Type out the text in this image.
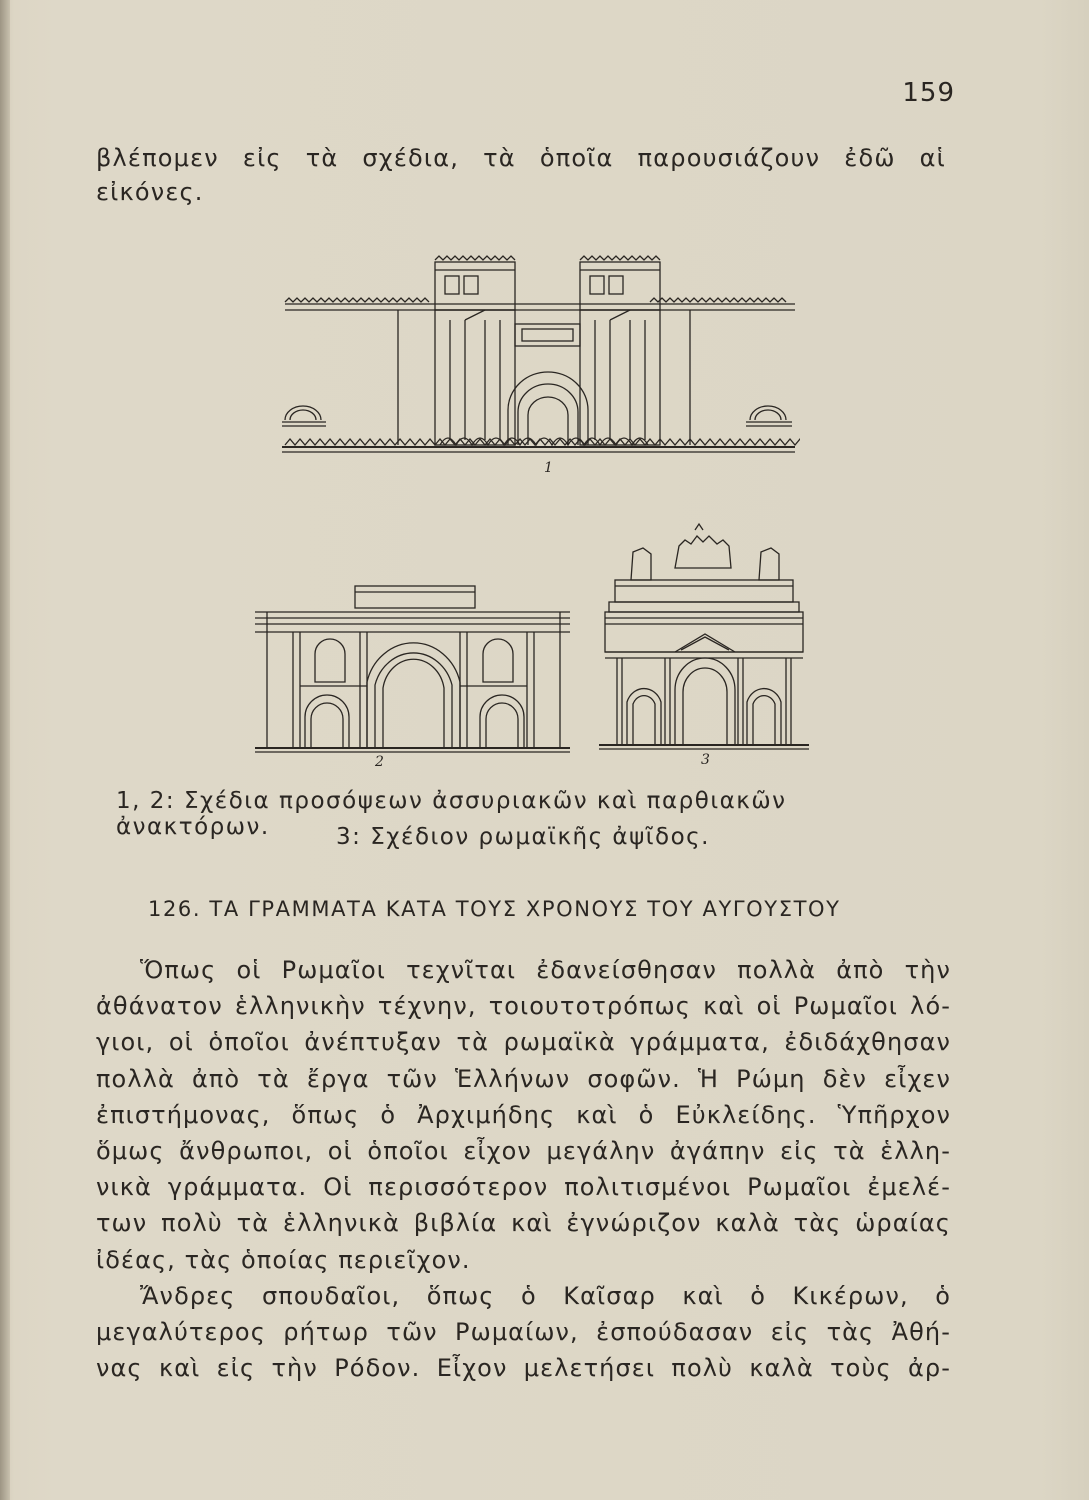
159
βλέπομεν εἰς τὰ σχέδια, τὰ ὁποῖα παρουσιάζουν ἐδῶ αἱ
εἰκόνες.
1
2	3
1, 2: Σχέδια προσόψεων ἀσσυριακῶν καὶ παρθιακῶν ἀνακτόρων.	3: Σχέδιον ρωμαϊκῆς ἀψῖδος.
126. ΤΑ ΓΡΑΜΜΑΤΑ ΚΑΤΑ ΤΟΥΣ ΧΡΟΝΟΥΣ ΤΟΥ ΑΥΓΟΥΣΤΟΥ
Ὅπως οἱ Ρωμαῖοι τεχνῖται ἐδανείσθησαν πολλὰ ἀπὸ τὴν
ἀθάνατον ἑλληνικὴν τέχνην, τοιουτοτρόπως καὶ οἱ Ρωμαῖοι λό-
γιοι, οἱ ὁποῖοι ἀνέπτυξαν τὰ ρωμαϊκὰ γράμματα, ἐδιδάχθησαν
πολλὰ ἀπὸ τὰ ἔργα τῶν Ἑλλήνων σοφῶν. Ἡ Ρώμη δὲν εἶχεν
ἐπιστήμονας, ὅπως ὁ Ἀρχιμήδης καὶ ὁ Εὐκλείδης. Ὑπῆρχον
ὅμως ἄνθρωποι, οἱ ὁποῖοι εἶχον μεγάλην ἀγάπην εἰς τὰ ἑλλη-
νικὰ γράμματα. Οἱ περισσότερον πολιτισμένοι Ρωμαῖοι ἐμελέ-
των πολὺ τὰ ἑλληνικὰ βιβλία καὶ ἐγνώριζον καλὰ τὰς ὡραίας
ἰδέας, τὰς ὁποίας περιεῖχον.
Ἄνδρες σπουδαῖοι, ὅπως ὁ Καῖσαρ καὶ ὁ Κικέρων, ὁ
μεγαλύτερος ρήτωρ τῶν Ρωμαίων, ἐσπούδασαν εἰς τὰς Ἀθή-
νας καὶ εἰς τὴν Ρόδον. Εἶχον μελετήσει πολὺ καλὰ τοὺς ἀρ-
